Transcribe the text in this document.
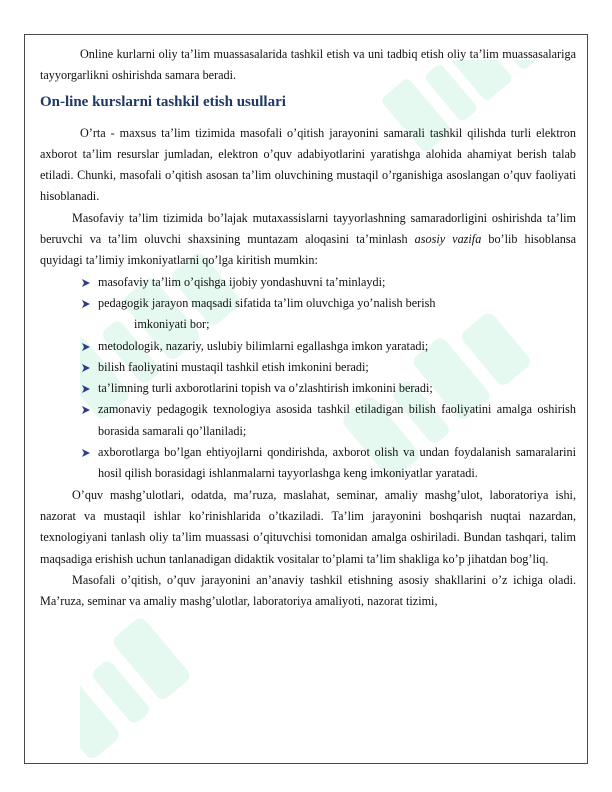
Online kurlarni oliy ta’lim muassasalarida tashkil etish va uni tadbiq etish oliy ta’lim muassasalariga tayyorgarlikni oshirishda samara beradi.

On-line kurslarni tashkil etish usullari

O’rta - maxsus ta’lim tizimida masofali o’qitish jarayonini samarali tashkil qilishda turli elektron axborot ta’lim resurslar jumladan, elektron o’quv adabiyotlarini yaratishga alohida ahamiyat berish talab etiladi. Chunki, masofali o’qitish asosan ta’lim oluvchining mustaqil o’rganishiga asoslangan o’quv faoliyati hisoblanadi.

Masofaviy ta’lim tizimida bo’lajak mutaxassislarni tayyorlashning samaradorligini oshirishda ta’lim beruvchi va ta’lim oluvchi shaxsining muntazam aloqasini ta’minlash asosiy vazifa bo’lib hisoblansa quyidagi ta’limiy imkoniyatlarni qo’lga kiritish mumkin:

masofaviy ta’lim o’qishga ijobiy yondashuvni ta’minlaydi;
pedagogik jarayon maqsadi sifatida ta’lim oluvchiga yo’nalish berish
imkoniyati bor;
metodologik, nazariy, uslubiy bilimlarni egallashga imkon yaratadi;
bilish faoliyatini mustaqil tashkil etish imkonini beradi;
ta’limning turli axborotlarini topish va o’zlashtirish imkonini beradi;
zamonaviy pedagogik texnologiya asosida tashkil etiladigan bilish faoliyatini amalga oshirish borasida samarali qo’llaniladi;
axborotlarga bo’lgan ehtiyojlarni qondirishda, axborot olish va undan foydalanish samaralarini hosil qilish borasidagi ishlanmalarni tayyorlashga keng imkoniyatlar yaratadi.

O’quv mashg’ulotlari, odatda, ma’ruza, maslahat, seminar, amaliy mashg’ulot, laboratoriya ishi, nazorat va mustaqil ishlar ko’rinishlarida o’tkaziladi. Ta’lim jarayonini boshqarish nuqtai nazardan, texnologiyani tanlash oliy ta’lim muassasi o’qituvchisi tomonidan amalga oshiriladi. Bundan tashqari, talim maqsadiga erishish uchun tanlanadigan didaktik vositalar to’plami ta’lim shakliga ko’p jihatdan bog’liq.

Masofali o’qitish, o’quv jarayonini an’anaviy tashkil etishning asosiy shakllarini o’z ichiga oladi. Ma’ruza, seminar va amaliy mashg’ulotlar, laboratoriya amaliyoti, nazorat tizimi,
